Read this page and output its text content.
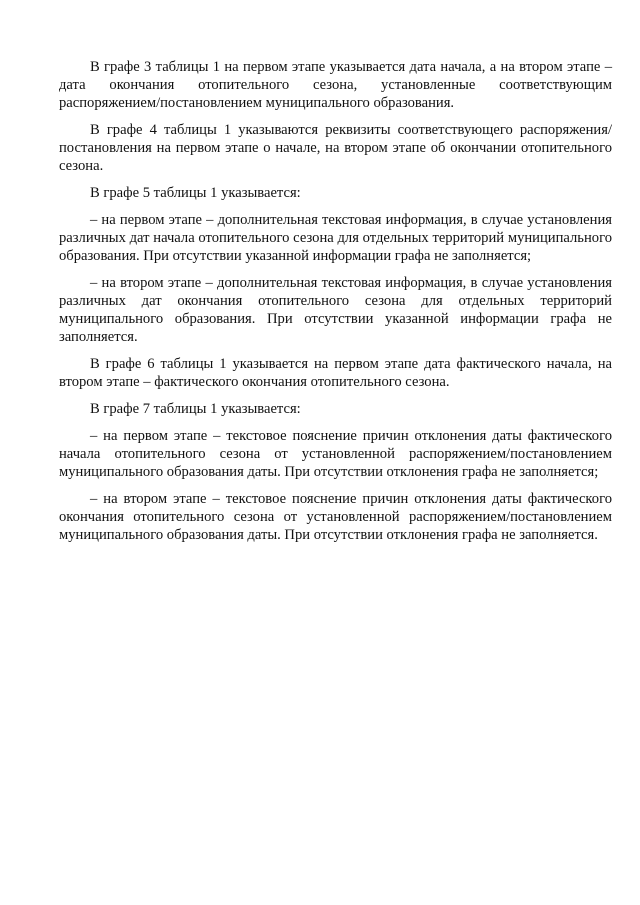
В графе 3 таблицы 1 на первом этапе указывается дата начала, а на втором этапе – дата окончания отопительного сезона, установленные соответствующим распоряжением/постановлением муниципального образования.

В графе 4 таблицы 1 указываются реквизиты соответствующего распоряжения/постановления на первом этапе о начале, на втором этапе об окончании отопительного сезона.

В графе 5 таблицы 1 указывается:

– на первом этапе – дополнительная текстовая информация, в случае установления различных дат начала отопительного сезона для отдельных территорий муниципального образования. При отсутствии указанной информации графа не заполняется;

– на втором этапе – дополнительная текстовая информация, в случае установления различных дат окончания отопительного сезона для отдельных территорий муниципального образования. При отсутствии указанной информации графа не заполняется.

В графе 6 таблицы 1 указывается на первом этапе дата фактического начала, на втором этапе – фактического окончания отопительного сезона.

В графе 7 таблицы 1 указывается:

– на первом этапе – текстовое пояснение причин отклонения даты фактического начала отопительного сезона от установленной распоряжением/постановлением муниципального образования даты. При отсутствии отклонения графа не заполняется;

– на втором этапе – текстовое пояснение причин отклонения даты фактического окончания отопительного сезона от установленной распоряжением/постановлением муниципального образования даты. При отсутствии отклонения графа не заполняется.
